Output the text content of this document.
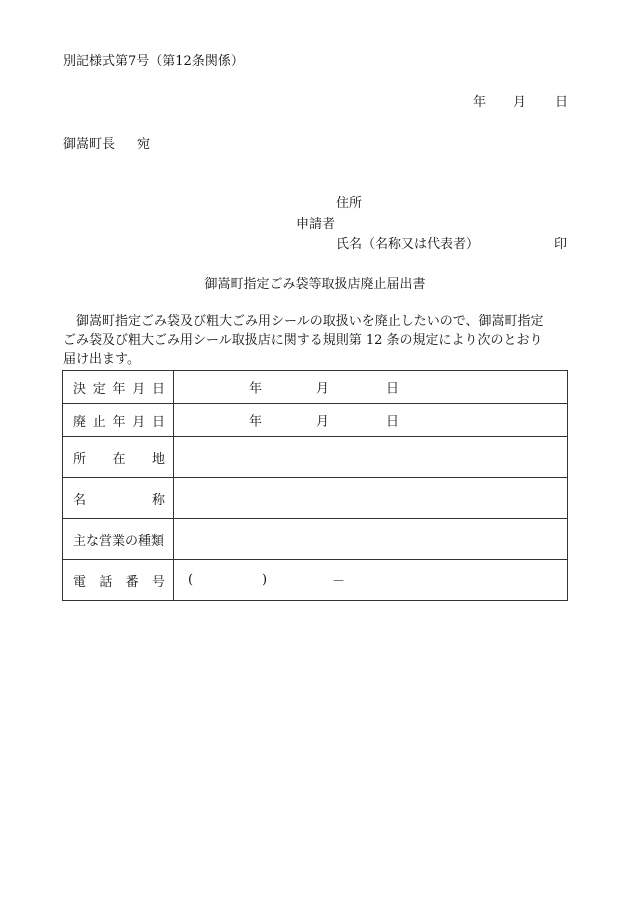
別記様式第7号（第12条関係）
年 月 日
御嵩町長 宛
住所
申請者
氏名（名称又は代表者）	印
御嵩町指定ごみ袋等取扱店廃止届出書
　御嵩町指定ごみ袋及び粗大ごみ用シールの取扱いを廃止したいので、御嵩町指定
ごみ袋及び粗大ごみ用シール取扱店に関する規則第 12 条の規定により次のとおり
届け出ます。
決 定 年 月 日	年 月 日

廃 止 年 月 日	年 月 日

所 在 地	

名 称	

主な営業の種類	

電 話 番 号	( ) －
